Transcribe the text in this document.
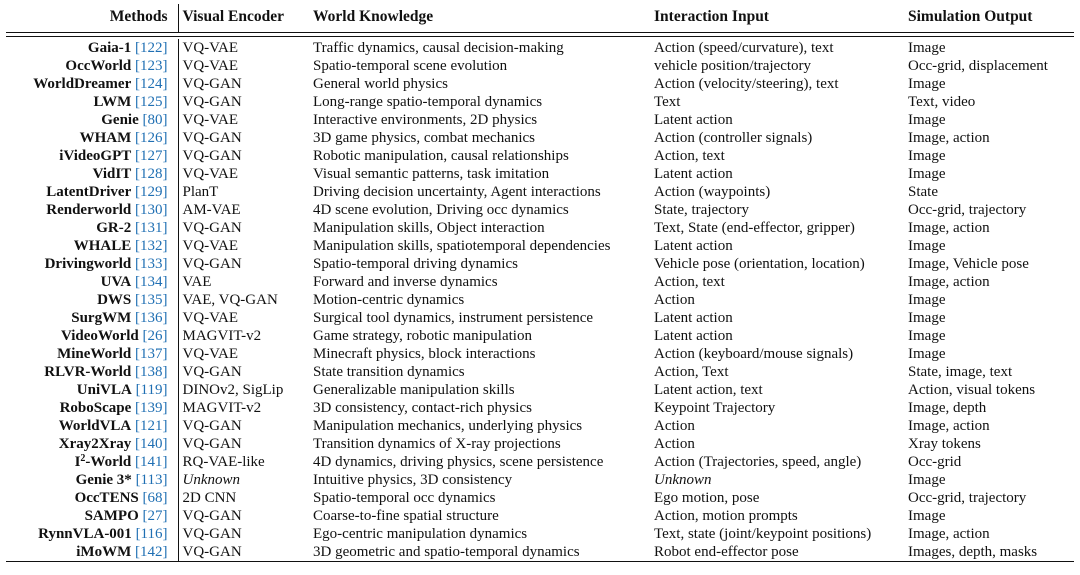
Methods	Visual Encoder	World Knowledge	Interaction Input	Simulation Output

Gaia-1 [122]	VQ-VAE	Traffic dynamics, causal decision-making	Action (speed/curvature), text	Image
OccWorld [123]	VQ-VAE	Spatio-temporal scene evolution	vehicle position/trajectory	Occ-grid, displacement
WorldDreamer [124]	VQ-GAN	General world physics	Action (velocity/steering), text	Image
LWM [125]	VQ-GAN	Long-range spatio-temporal dynamics	Text	Text, video
Genie [80]	VQ-VAE	Interactive environments, 2D physics	Latent action	Image
WHAM [126]	VQ-GAN	3D game physics, combat mechanics	Action (controller signals)	Image, action
iVideoGPT [127]	VQ-GAN	Robotic manipulation, causal relationships	Action, text	Image
VidIT [128]	VQ-VAE	Visual semantic patterns, task imitation	Latent action	Image
LatentDriver [129]	PlanT	Driving decision uncertainty, Agent interactions	Action (waypoints)	State
Renderworld [130]	AM-VAE	4D scene evolution, Driving occ dynamics	State, trajectory	Occ-grid, trajectory
GR-2 [131]	VQ-GAN	Manipulation skills, Object interaction	Text, State (end-effector, gripper)	Image, action
WHALE [132]	VQ-VAE	Manipulation skills, spatiotemporal dependencies	Latent action	Image
Drivingworld [133]	VQ-GAN	Spatio-temporal driving dynamics	Vehicle pose (orientation, location)	Image, Vehicle pose
UVA [134]	VAE	Forward and inverse dynamics	Action, text	Image, action
DWS [135]	VAE, VQ-GAN	Motion-centric dynamics	Action	Image
SurgWM [136]	VQ-VAE	Surgical tool dynamics, instrument persistence	Latent action	Image
VideoWorld [26]	MAGVIT-v2	Game strategy, robotic manipulation	Latent action	Image
MineWorld [137]	VQ-VAE	Minecraft physics, block interactions	Action (keyboard/mouse signals)	Image
RLVR-World [138]	VQ-GAN	State transition dynamics	Action, Text	State, image, text
UniVLA [119]	DINOv2, SigLip	Generalizable manipulation skills	Latent action, text	Action, visual tokens
RoboScape [139]	MAGVIT-v2	3D consistency, contact-rich physics	Keypoint Trajectory	Image, depth
WorldVLA [121]	VQ-GAN	Manipulation mechanics, underlying physics	Action	Image, action
Xray2Xray [140]	VQ-GAN	Transition dynamics of X-ray projections	Action	Xray tokens
$I^2$-World [141]	RQ-VAE-like	4D dynamics, driving physics, scene persistence	Action (Trajectories, speed, angle)	Occ-grid
Genie 3* [113]	Unknown	Intuitive physics, 3D consistency	Unknown	Image
OccTENS [68]	2D CNN	Spatio-temporal occ dynamics	Ego motion, pose	Occ-grid, trajectory
SAMPO [27]	VQ-GAN	Coarse-to-fine spatial structure	Action, motion prompts	Image
RynnVLA-001 [116]	VQ-GAN	Ego-centric manipulation dynamics	Text, state (joint/keypoint positions)	Image, action
iMoWM [142]	VQ-GAN	3D geometric and spatio-temporal dynamics	Robot end-effector pose	Images, depth, masks
